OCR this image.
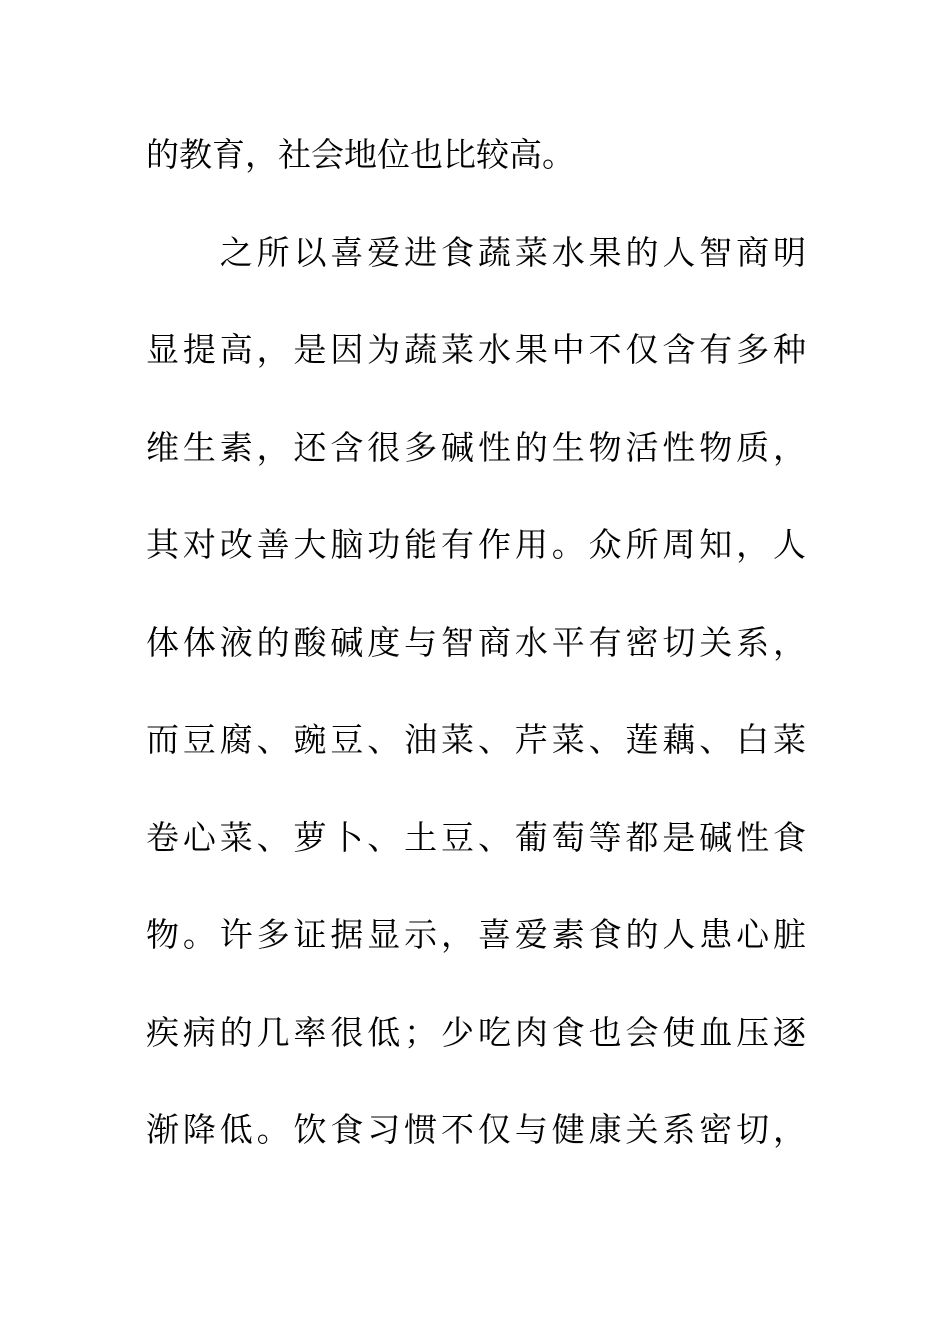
的教育，社会地位也比较高。
　　之所以喜爱进食蔬菜水果的人智商明
显提高，是因为蔬菜水果中不仅含有多种
维生素，还含很多碱性的生物活性物质，
其对改善大脑功能有作用。众所周知，人
体体液的酸碱度与智商水平有密切关系，
而豆腐、豌豆、油菜、芹菜、莲藕、白菜
卷心菜、萝卜、土豆、葡萄等都是碱性食
物。许多证据显示，喜爱素食的人患心脏
疾病的几率很低；少吃肉食也会使血压逐
渐降低。饮食习惯不仅与健康关系密切，
